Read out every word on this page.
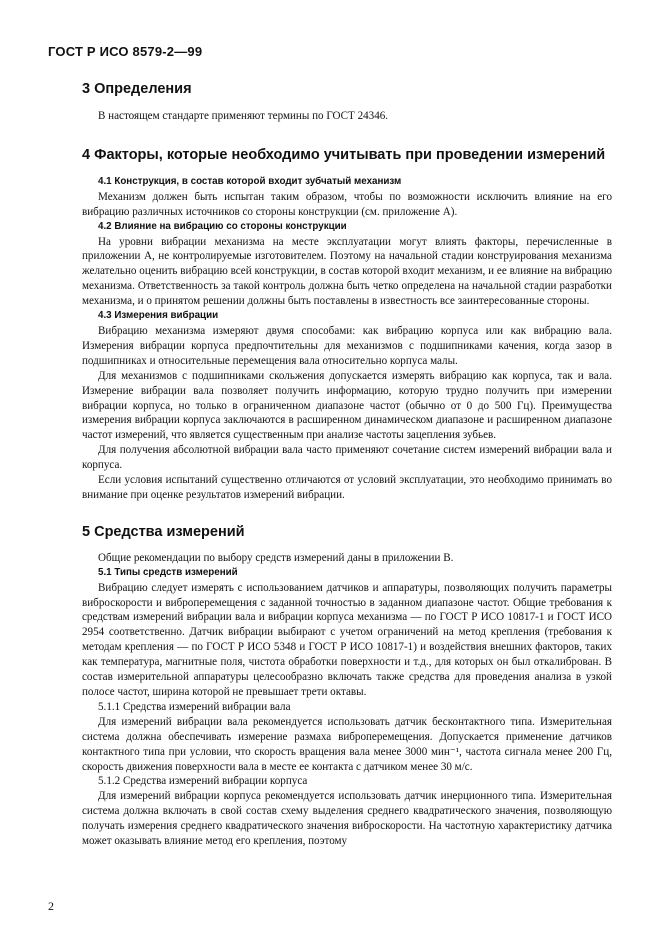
ГОСТ Р ИСО 8579-2—99
3 Определения

В настоящем стандарте применяют термины по ГОСТ 24346.

4 Факторы, которые необходимо учитывать при проведении измерений
4.1 Конструкция, в состав которой входит зубчатый механизм

Механизм должен быть испытан таким образом, чтобы по возможности исключить влияние на его вибрацию различных источников со стороны конструкции (см. приложение А).

4.2 Влияние на вибрацию со стороны конструкции

На уровни вибрации механизма на месте эксплуатации могут влиять факторы, перечисленные в приложении А, не контролируемые изготовителем. Поэтому на начальной стадии конструирования механизма желательно оценить вибрацию всей конструкции, в состав которой входит механизм, и ее влияние на вибрацию механизма. Ответственность за такой контроль должна быть четко определена на начальной стадии разработки механизма, и о принятом решении должны быть поставлены в известность все заинтересованные стороны.

4.3 Измерения вибрации

Вибрацию механизма измеряют двумя способами: как вибрацию корпуса или как вибрацию вала. Измерения вибрации корпуса предпочтительны для механизмов с подшипниками качения, когда зазор в подшипниках и относительные перемещения вала относительно корпуса малы.

Для механизмов с подшипниками скольжения допускается измерять вибрацию как корпуса, так и вала. Измерение вибрации вала позволяет получить информацию, которую трудно получить при измерении вибрации корпуса, но только в ограниченном диапазоне частот (обычно от 0 до 500 Гц). Преимущества измерения вибрации корпуса заключаются в расширенном динамическом диапазоне и расширенном диапазоне частот измерений, что является существенным при анализе частоты зацепления зубьев.

Для получения абсолютной вибрации вала часто применяют сочетание систем измерений вибрации вала и корпуса.

Если условия испытаний существенно отличаются от условий эксплуатации, это необходимо принимать во внимание при оценке результатов измерений вибрации.

5 Средства измерений

Общие рекомендации по выбору средств измерений даны в приложении В.

5.1 Типы средств измерений

Вибрацию следует измерять с использованием датчиков и аппаратуры, позволяющих получить параметры виброскорости и виброперемещения с заданной точностью в заданном диапазоне частот. Общие требования к средствам измерений вибрации вала и вибрации корпуса механизма — по ГОСТ Р ИСО 10817-1 и ГОСТ ИСО 2954 соответственно. Датчик вибрации выбирают с учетом ограничений на метод крепления (требования к методам крепления — по ГОСТ Р ИСО 5348 и ГОСТ Р ИСО 10817-1) и воздействия внешних факторов, таких как температура, магнитные поля, чистота обработки поверхности и т.д., для которых он был откалиброван. В состав измерительной аппаратуры целесообразно включать также средства для проведения анализа в узкой полосе частот, ширина которой не превышает трети октавы.

5.1.1 Средства измерений вибрации вала

Для измерений вибрации вала рекомендуется использовать датчик бесконтактного типа. Измерительная система должна обеспечивать измерение размаха виброперемещения. Допускается применение датчиков контактного типа при условии, что скорость вращения вала менее 3000 мин⁻¹, частота сигнала менее 200 Гц, скорость движения поверхности вала в месте ее контакта с датчиком менее 30 м/с.

5.1.2 Средства измерений вибрации корпуса

Для измерений вибрации корпуса рекомендуется использовать датчик инерционного типа. Измерительная система должна включать в свой состав схему выделения среднего квадратического значения, позволяющую получать измерения среднего квадратического значения виброскорости. На частотную характеристику датчика может оказывать влияние метод его крепления, поэтому

2
